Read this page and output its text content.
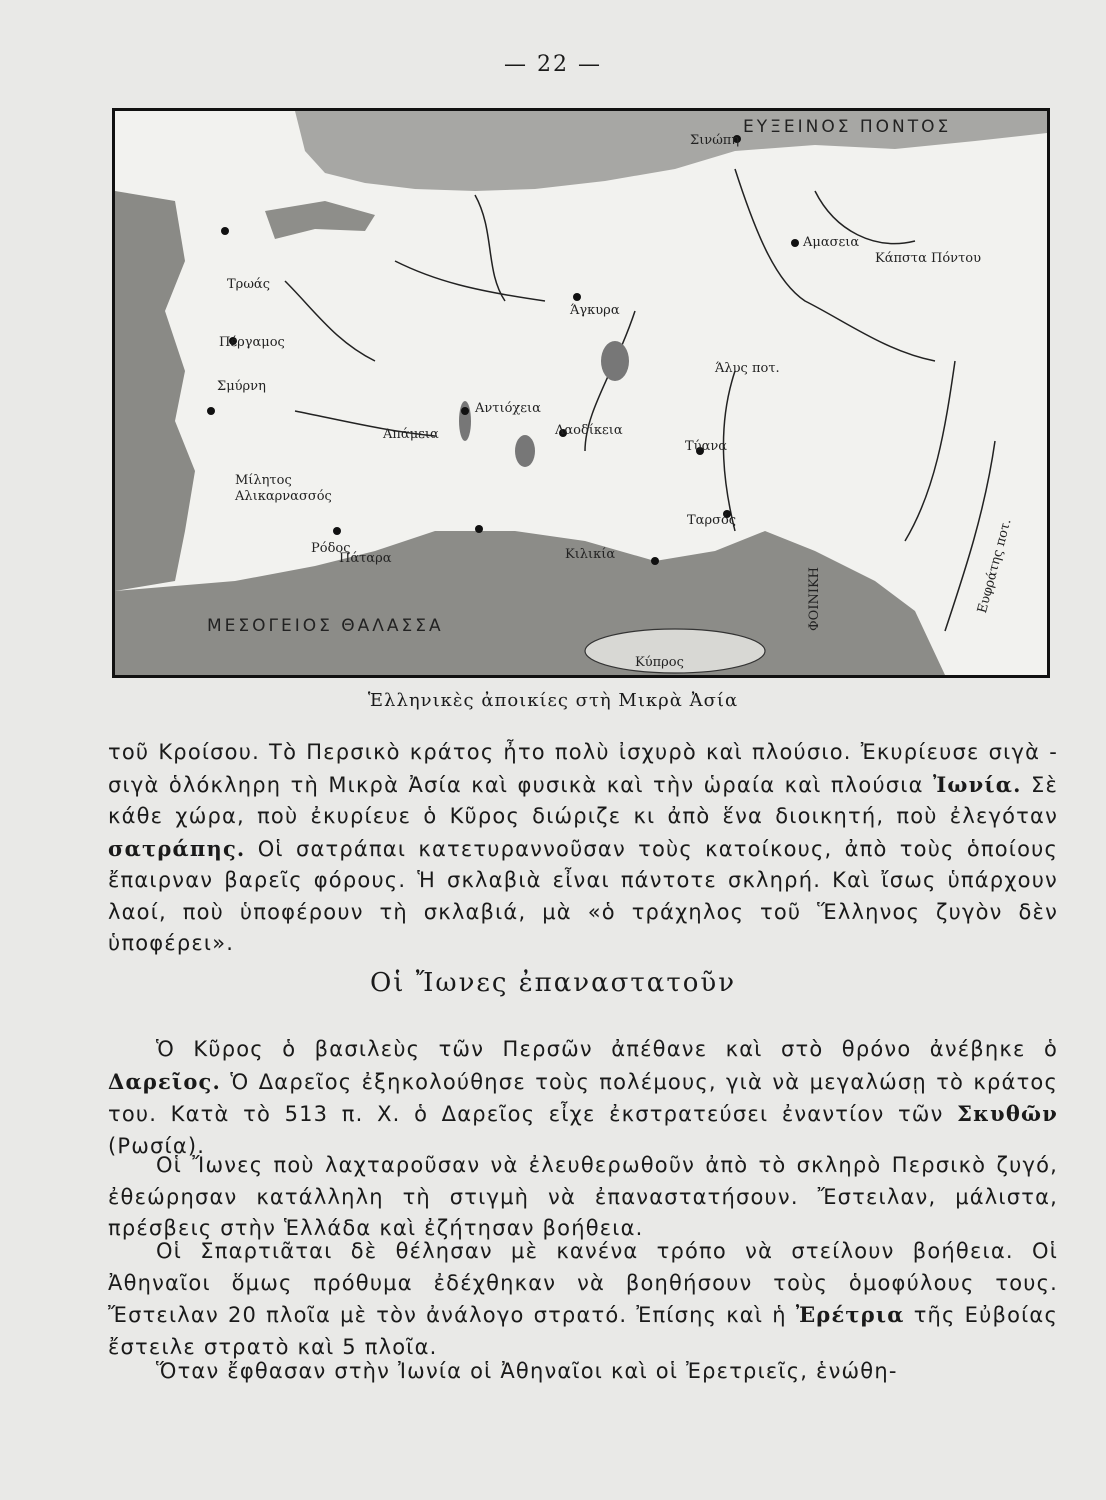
— 22 —
ΕΥΞΕΙΝΟΣ ΠΟΝΤΟΣ
Σινώπη
Αμασεια
Κάπστα Πόντου
Άγκυρα
Άλυς ποτ.
Λαοδίκεια
Τύανα
Αντιόχεια
Απάμεια
Ταρσός
Κιλικία
ΜΕΣΟΓΕΙΟΣ ΘΑΛΑΣΣΑ
Κύπρος
ΦΟΙΝΙΚΗ	Ευφράτης ποτ.
Τρωάς
Πέργαμος
Σμύρνη
Μίλητος
Αλικαρνασσός
Ρόδος
Πάταρα
Ἑλληνικὲς ἀποικίες στὴ Μικρὰ Ἀσία
τοῦ Κροίσου. Τὸ Περσικὸ κράτος ἦτο πολὺ ἰσχυρὸ καὶ πλούσιο. Ἐκυρίευσε σιγὰ - σιγὰ ὁλόκληρη τὴ Μικρὰ Ἀσία καὶ φυσικὰ καὶ τὴν ὡραία καὶ πλούσια Ἰωνία. Σὲ κάθε χώρα, ποὺ ἐκυρίευε ὁ Κῦρος διώριζε κι ἀπὸ ἕνα διοικητή, ποὺ ἐλεγόταν σατράπης. Οἱ σατράπαι κατετυραννοῦσαν τοὺς κατοίκους, ἀπὸ τοὺς ὁποίους ἔπαιρναν βαρεῖς φόρους. Ἡ σκλαβιὰ εἶναι πάντοτε σκληρή. Καὶ ἴσως ὑπάρχουν λαοί, ποὺ ὑποφέρουν τὴ σκλαβιά, μὰ «ὁ τράχηλος τοῦ Ἕλληνος ζυγὸν δὲν ὑποφέρει».
Οἱ Ἴωνες ἐπαναστατοῦν
Ὁ Κῦρος ὁ βασιλεὺς τῶν Περσῶν ἀπέθανε καὶ στὸ θρόνο ἀνέβηκε ὁ Δαρεῖος. Ὁ Δαρεῖος ἐξηκολούθησε τοὺς πολέμους, γιὰ νὰ μεγαλώσῃ τὸ κράτος του. Κατὰ τὸ 513 π. Χ. ὁ Δαρεῖος εἶχε ἐκστρατεύσει ἐναντίον τῶν Σκυθῶν (Ρωσία).
Οἱ Ἴωνες ποὺ λαχταροῦσαν νὰ ἐλευθερωθοῦν ἀπὸ τὸ σκληρὸ Περσικὸ ζυγό, ἐθεώρησαν κατάλληλη τὴ στιγμὴ νὰ ἐπαναστατήσουν. Ἔστειλαν, μάλιστα, πρέσβεις στὴν Ἑλλάδα καὶ ἐζήτησαν βοήθεια.
Οἱ Σπαρτιᾶται δὲ θέλησαν μὲ κανένα τρόπο νὰ στείλουν βοήθεια. Οἱ Ἀθηναῖοι ὅμως πρόθυμα ἐδέχθηκαν νὰ βοηθήσουν τοὺς ὁμοφύλους τους. Ἔστειλαν 20 πλοῖα μὲ τὸν ἀνάλογο στρατό. Ἐπίσης καὶ ἡ Ἐρέτρια τῆς Εὐβοίας ἔστειλε στρατὸ καὶ 5 πλοῖα.
Ὅταν ἔφθασαν στὴν Ἰωνία οἱ Ἀθηναῖοι καὶ οἱ Ἐρετριεῖς, ἑνώθη-
